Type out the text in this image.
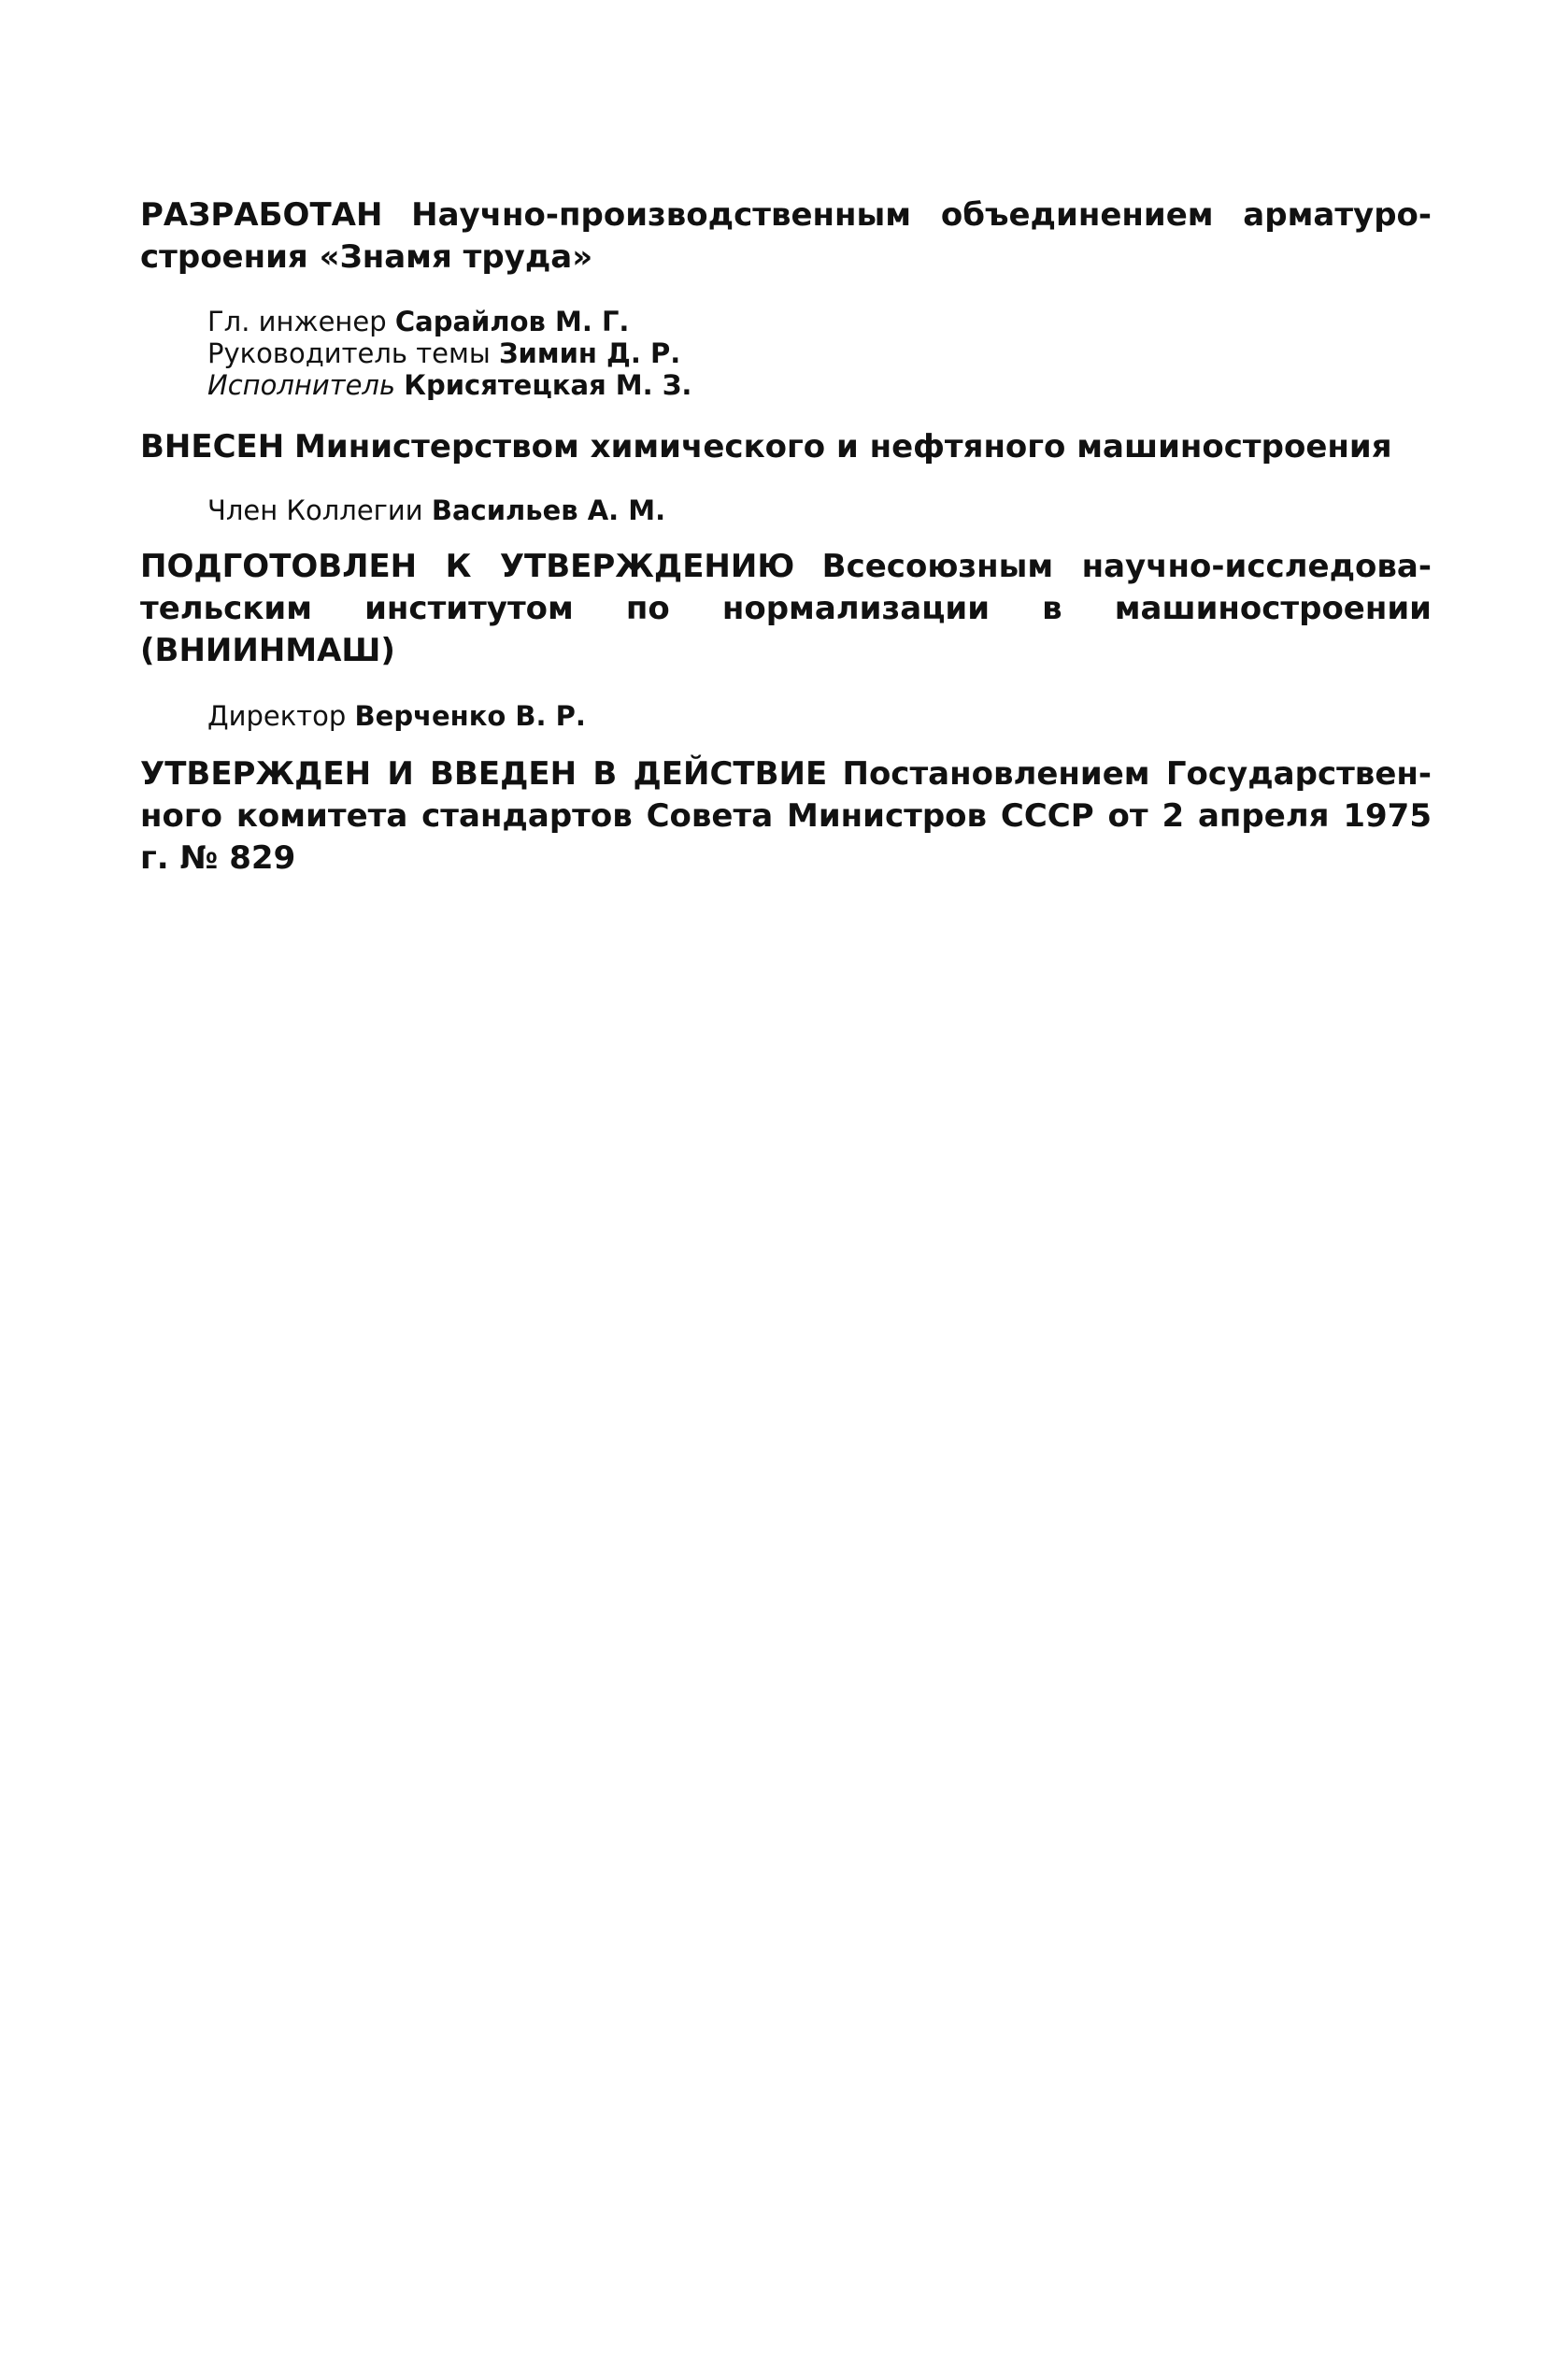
РАЗРАБОТАН Научно-производственным объединением арматуро-строения «Знамя труда»
Гл. инженер Сарайлов М. Г.
Руководитель темы Зимин Д. Р.
Исполнитель Крисятецкая М. З.
ВНЕСЕН Министерством химического и нефтяного машиностроения
Член Коллегии Васильев А. М.
ПОДГОТОВЛЕН К УТВЕРЖДЕНИЮ Всесоюзным научно-исследова-тельским институтом по нормализации в машиностроении (ВНИИНМАШ)
Директор Верченко В. Р.
УТВЕРЖДЕН И ВВЕДЕН В ДЕЙСТВИЕ Постановлением Государствен-ного комитета стандартов Совета Министров СССР от 2 апреля 1975 г. № 829
